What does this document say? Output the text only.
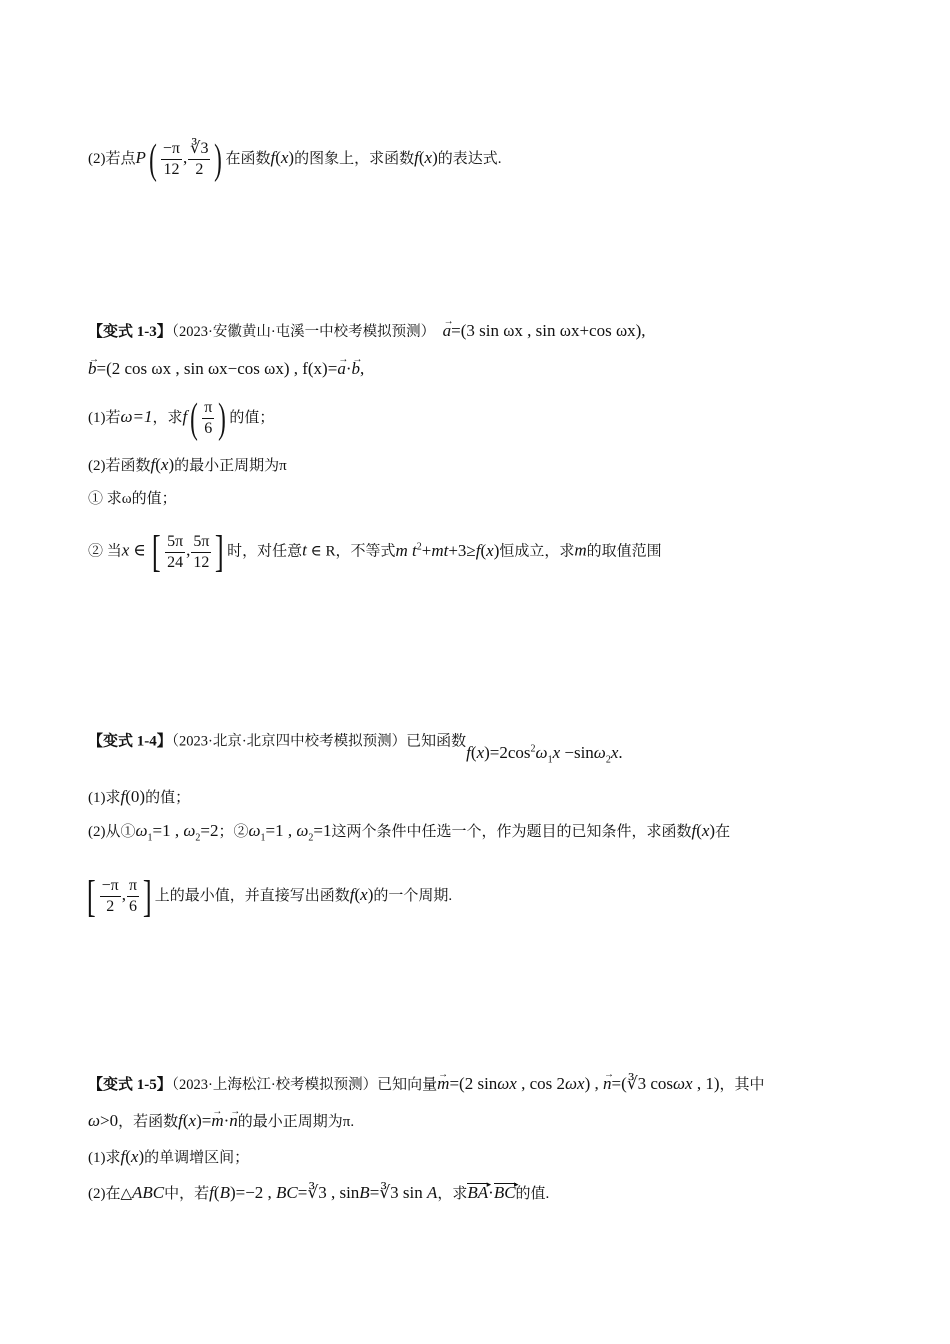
(2)若点$P( \frac{-\pi}{12}$ , $\frac{∛3}{2}$ ) 在函数f(x)的图象上，求函数f(x)的表达式.
【变式 1-3】（2023·安徽黄山·屯溪一中校考模拟预测）  → a=(3 sin ωx , sin ωx+cos ωx),
→ b=(2 cos ωx , sin ωx−cos ωx) , f(x)=→ a·→ b,
(1)若ω=1，求$f( \frac{\pi}{6}$ ) 的值；
(2)若函数f(x)的最小正周期为π
① 求ω的值；
② 当x ∈ [ $\frac{5\pi}{24}$ , $\frac{5\pi}{12}$ ] 时，对任意t ∈ R，不等式m $t^2+mt+3\ge f(x)$恒成立，求m的取值范围
【变式 1-4】（2023·北京·北京四中校考模拟预测）已知函数$f(x)=2\cos^2\omega_1x -\sin\omega_2x$.
(1)求f(0)的值；
(2)从$①\omega_1=1$ , $\omega_2=2$；$②\omega_1=1$ , $\omega_2=1$这两个条件中任选一个，作为题目的已知条件，求函数f(x)在
[ $\frac{-\pi}{2}$ , $\frac{\pi}{6}$ ] 上的最小值，并直接写出函数f(x)的一个周期.
【变式 1-5】（2023·上海松江·校考模拟预测）已知向量→ m=(2 sinωx , cos 2ωx) , → n=(∛3 cosωx , 1)，其中
ω>0，若函数f(x)=→ m·→ n的最小正周期为π.
(1)求f(x)的单调增区间；
(2)在△ABC中，若f(B)=−2 , BC=∛3 , sinB=∛3 sin A，求BA ▸·BC ▸的值.
